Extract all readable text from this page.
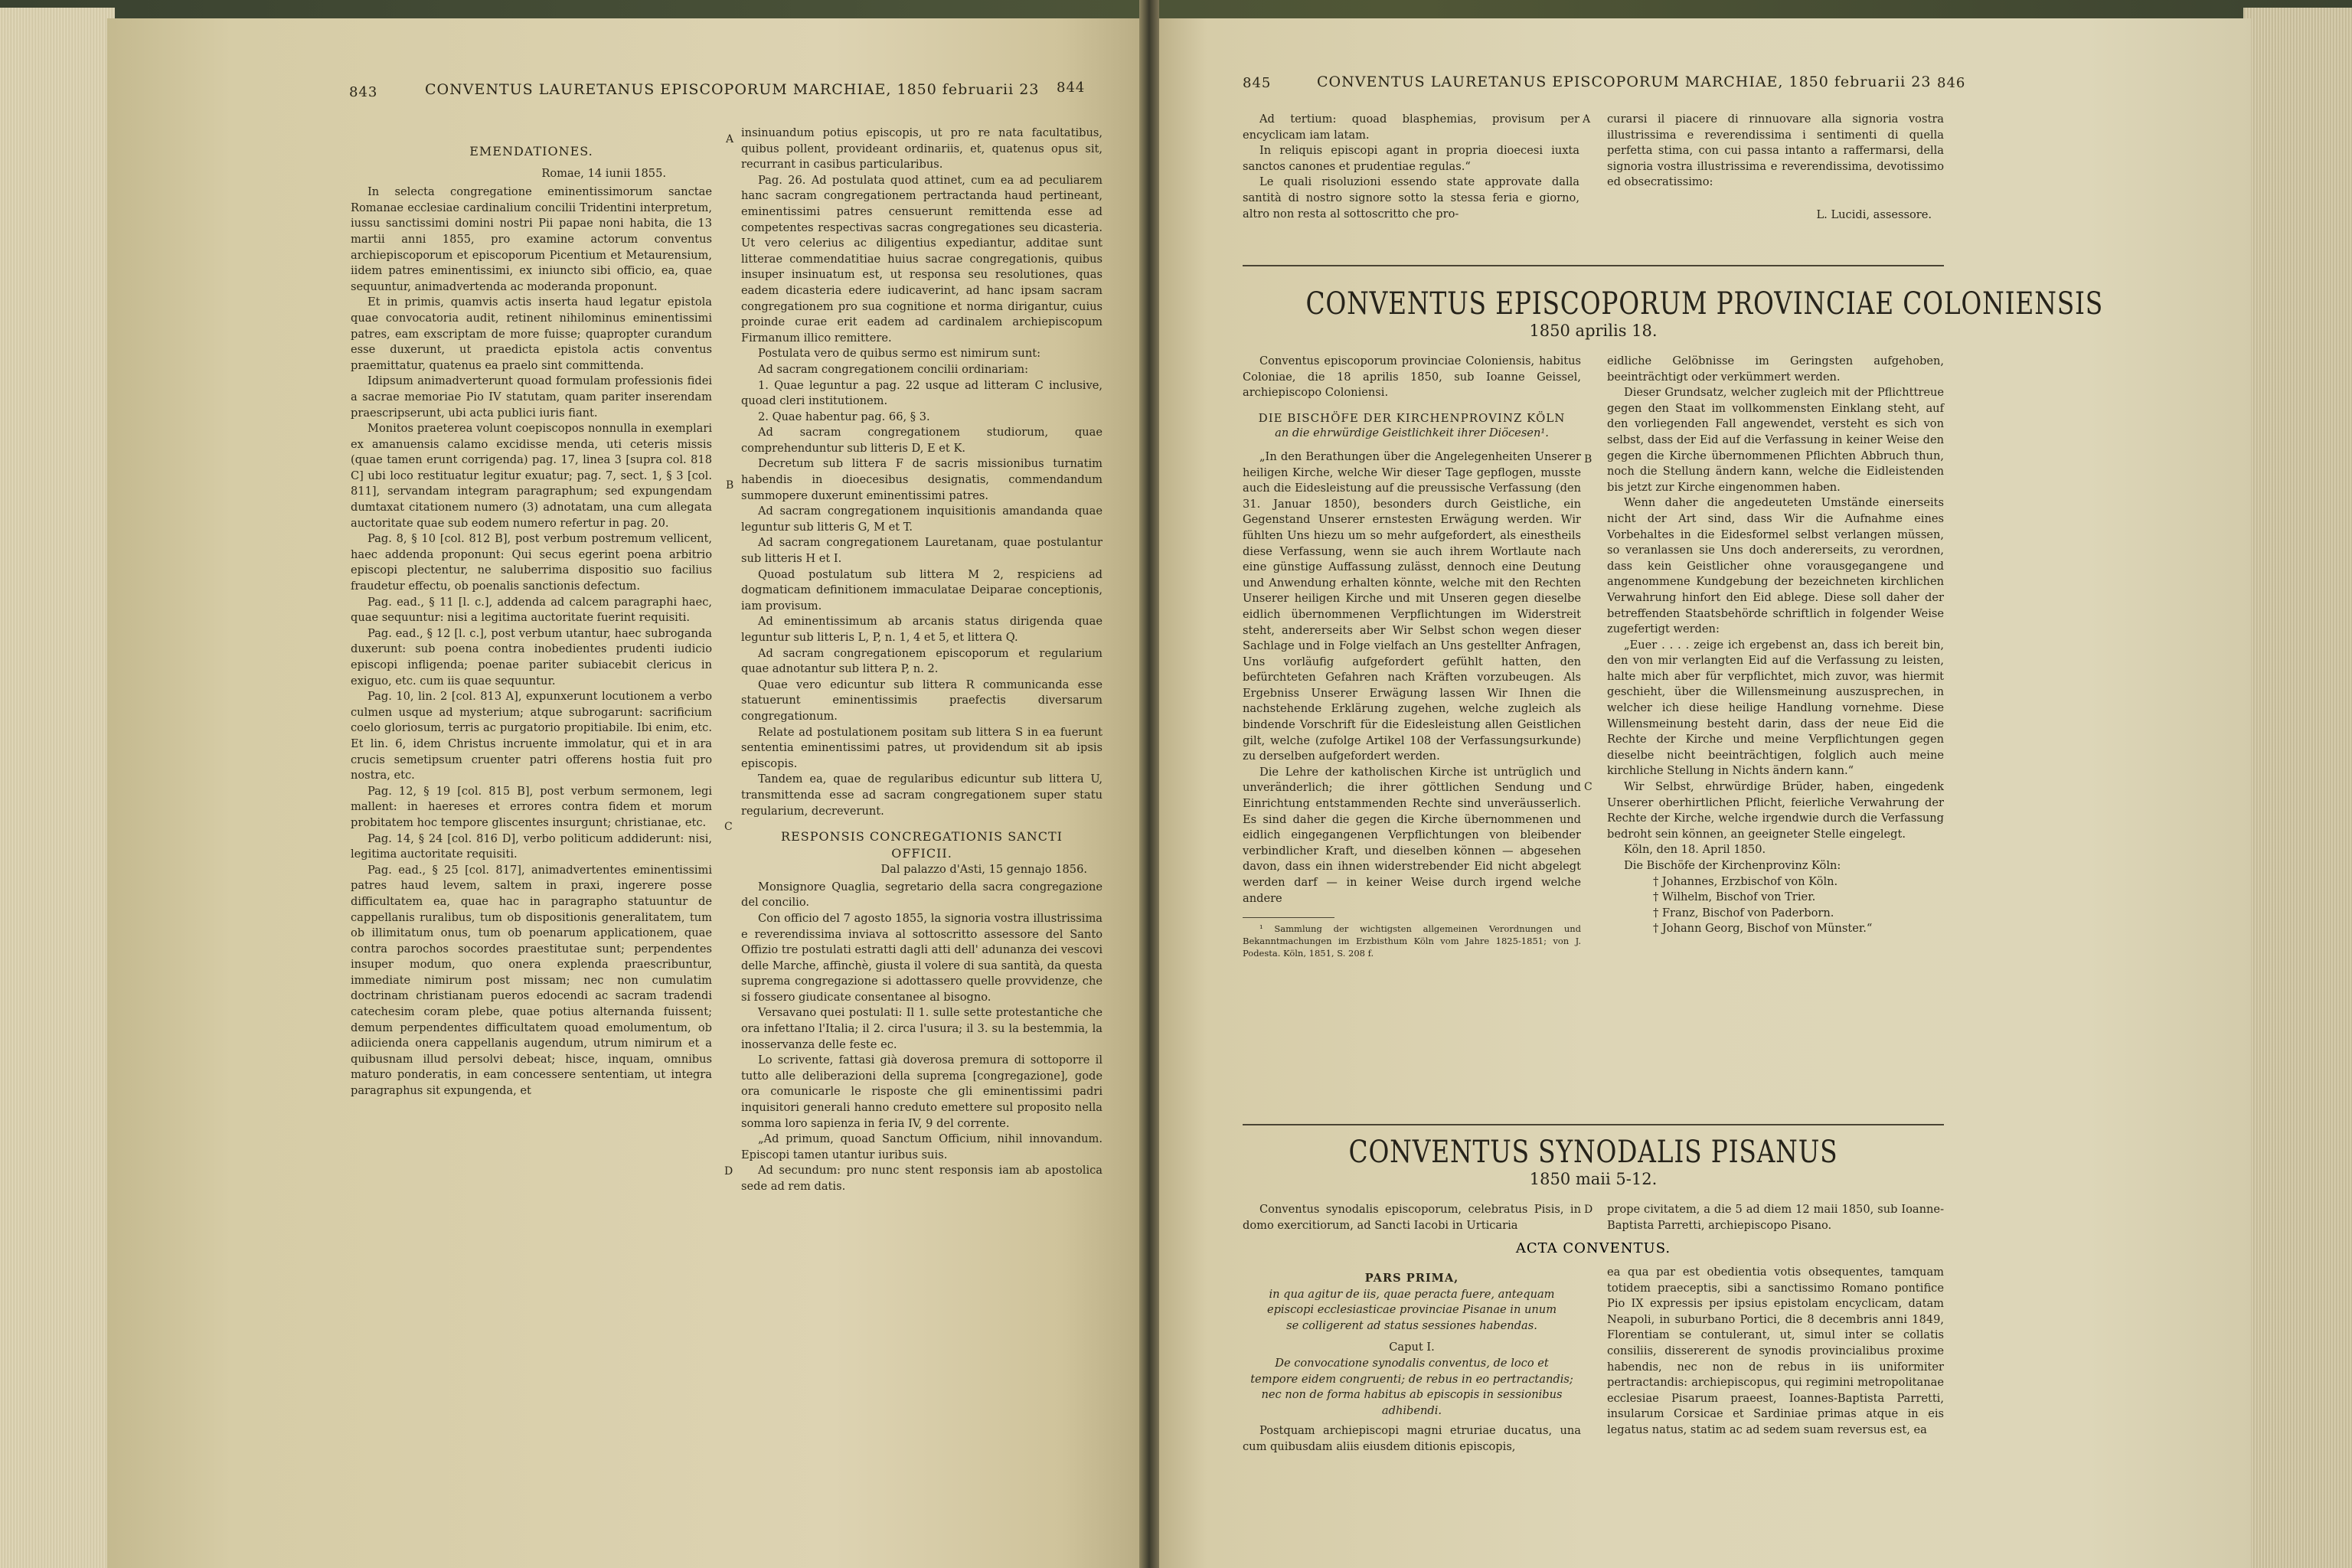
843	CONVENTUS LAURETANUS EPISCOPORUM MARCHIAE, 1850 februarii 23 844

EMENDATIONES.

Romae, 14 iunii 1855.

In selecta congregatione eminentissimorum sanctae Romanae ecclesiae cardinalium concilii Tridentini interpretum, iussu sanctissimi domini nostri Pii papae noni habita, die 13 martii anni 1855, pro examine actorum conventus archiepiscoporum et episcoporum Picentium et Metaurensium, iidem patres eminentissimi, ex iniuncto sibi officio, ea, quae sequuntur, animadvertenda ac moderanda proponunt.

Et in primis, quamvis actis inserta haud legatur epistola quae convocatoria audit, retinent nihilominus eminentissimi patres, eam exscriptam de more fuisse; quapropter curandum esse duxerunt, ut praedicta epistola actis conventus praemittatur, quatenus ea praelo sint committenda.

Idipsum animadverterunt quoad formulam professionis fidei a sacrae memoriae Pio IV statutam, quam pariter inserendam praescripserunt, ubi acta publici iuris fiant.

Monitos praeterea volunt coepiscopos nonnulla in exemplari ex amanuensis calamo excidisse menda, uti ceteris missis (quae tamen erunt corrigenda) pag. 17, linea 3 [supra col. 818 C] ubi loco restituatur legitur exuatur; pag. 7, sect. 1, § 3 [col. 811], servandam integram paragraphum; sed expungendam dumtaxat citationem numero (3) adnotatam, una cum allegata auctoritate quae sub eodem numero refertur in pag. 20.

Pag. 8, § 10 [col. 812 B], post verbum postremum vellicent, haec addenda proponunt: Qui secus egerint poena arbitrio episcopi plectentur, ne saluberrima dispositio suo facilius fraudetur effectu, ob poenalis sanctionis defectum.

Pag. ead., § 11 [l. c.], addenda ad calcem paragraphi haec, quae sequuntur: nisi a legitima auctoritate fuerint requisiti.

Pag. ead., § 12 [l. c.], post verbum utantur, haec subroganda duxerunt: sub poena contra inobedientes prudenti iudicio episcopi infligenda; poenae pariter subiacebit clericus in exiguo, etc. cum iis quae sequuntur.

Pag. 10, lin. 2 [col. 813 A], expunxerunt locutionem a verbo culmen usque ad mysterium; atque subrogarunt: sacrificium coelo gloriosum, terris ac purgatorio propitiabile. Ibi enim, etc. Et lin. 6, idem Christus incruente immolatur, qui et in ara crucis semetipsum cruenter patri offerens hostia fuit pro nostra, etc.

Pag. 12, § 19 [col. 815 B], post verbum sermonem, legi mallent: in haereses et errores contra fidem et morum probitatem hoc tempore gliscentes insurgunt; christianae, etc.

Pag. 14, § 24 [col. 816 D], verbo politicum addiderunt: nisi, legitima auctoritate requisiti.

Pag. ead., § 25 [col. 817], animadvertentes eminentissimi patres haud levem, saltem in praxi, ingerere posse difficultatem ea, quae hac in paragrapho statuuntur de cappellanis ruralibus, tum ob dispositionis generalitatem, tum ob illimitatum onus, tum ob poenarum applicationem, quae contra parochos socordes praestitutae sunt; perpendentes insuper modum, quo onera explenda praescribuntur, immediate nimirum post missam; nec non cumulatim doctrinam christianam pueros edocendi ac sacram tradendi catechesim coram plebe, quae potius alternanda fuissent; demum perpendentes difficultatem quoad emolumentum, ob adiicienda onera cappellanis augendum, utrum nimirum et a quibusnam illud persolvi debeat; hisce, inquam, omnibus maturo ponderatis, in eam concessere sententiam, ut integra paragraphus sit expungenda, et

A
B
C
D

insinuandum potius episcopis, ut pro re nata facultatibus, quibus pollent, provideant ordinariis, et, quatenus opus sit, recurrant in casibus particularibus.

Pag. 26. Ad postulata quod attinet, cum ea ad peculiarem hanc sacram congregationem pertractanda haud pertineant, eminentissimi patres censuerunt remittenda esse ad competentes respectivas sacras congregationes seu dicasteria. Ut vero celerius ac diligentius expediantur, additae sunt litterae commendatitiae huius sacrae congregationis, quibus insuper insinuatum est, ut responsa seu resolutiones, quas eadem dicasteria edere iudicaverint, ad hanc ipsam sacram congregationem pro sua cognitione et norma dirigantur, cuius proinde curae erit eadem ad cardinalem archiepiscopum Firmanum illico remittere.

Postulata vero de quibus sermo est nimirum sunt:

Ad sacram congregationem concilii ordinariam:

1. Quae leguntur a pag. 22 usque ad litteram C inclusive, quoad cleri institutionem.

2. Quae habentur pag. 66, § 3.

Ad sacram congregationem studiorum, quae comprehenduntur sub litteris D, E et K.

Decretum sub littera F de sacris missionibus turnatim habendis in dioecesibus designatis, commendandum summopere duxerunt eminentissimi patres.

Ad sacram congregationem inquisitionis amandanda quae leguntur sub litteris G, M et T.

Ad sacram congregationem Lauretanam, quae postulantur sub litteris H et I.

Quoad postulatum sub littera M 2, respiciens ad dogmaticam definitionem immaculatae Deiparae conceptionis, iam provisum.

Ad eminentissimum ab arcanis status dirigenda quae leguntur sub litteris L, P, n. 1, 4 et 5, et littera Q.

Ad sacram congregationem episcoporum et regularium quae adnotantur sub littera P, n. 2.

Quae vero edicuntur sub littera R communicanda esse statuerunt eminentissimis praefectis diversarum congregationum.

Relate ad postulationem positam sub littera S in ea fuerunt sententia eminentissimi patres, ut providendum sit ab ipsis episcopis.

Tandem ea, quae de regularibus edicuntur sub littera U, transmittenda esse ad sacram congregationem super statu regularium, decreverunt.

RESPONSIS CONCREGATIONIS SANCTI OFFICII.

Dal palazzo d'Asti, 15 gennajo 1856.

Monsignore Quaglia, segretario della sacra congregazione del concilio.

Con officio del 7 agosto 1855, la signoria vostra illustrissima e reverendissima inviava al sottoscritto assessore del Santo Offizio tre postulati estratti dagli atti dell' adunanza dei vescovi delle Marche, affinchè, giusta il volere di sua santità, da questa suprema congregazione si adottassero quelle provvidenze, che si fossero giudicate consentanee al bisogno.

Versavano quei postulati: Il 1. sulle sette protestantiche che ora infettano l'Italia; il 2. circa l'usura; il 3. su la bestemmia, la inosservanza delle feste ec.

Lo scrivente, fattasi già doverosa premura di sottoporre il tutto alle deliberazioni della suprema [congregazione], gode ora comunicarle le risposte che gli eminentissimi padri inquisitori generali hanno creduto emettere sul proposito nella somma loro sapienza in feria IV, 9 del corrente.

„Ad primum, quoad Sanctum Officium, nihil innovandum. Episcopi tamen utantur iuribus suis.

Ad secundum: pro nunc stent responsis iam ab apostolica sede ad rem datis.

845	CONVENTUS LAURETANUS EPISCOPORUM MARCHIAE, 1850 februarii 23 846

Ad tertium: quoad blasphemias, provisum per encyclicam iam latam.

In reliquis episcopi agant in propria dioecesi iuxta sanctos canones et prudentiae regulas.“

Le quali risoluzioni essendo state approvate dalla santità di nostro signore sotto la stessa feria e giorno, altro non resta al sottoscritto che pro-

A curarsi il piacere di rinnuovare alla signoria vostra illustrissima e reverendissima i sentimenti di quella perfetta stima, con cui passa intanto a raffermarsi, della signoria vostra illustrissima e reverendissima, devotissimo ed obsecratissimo:

L. Lucidi, assessore.

CONVENTUS EPISCOPORUM PROVINCIAE COLONIENSIS
1850 aprilis 18.

Conventus episcoporum provinciae Coloniensis, habitus Coloniae, die 18 aprilis 1850, sub Ioanne Geissel, archiepiscopo Coloniensi.

DIE BISCHÖFE DER KIRCHENPROVINZ KÖLN

an die ehrwürdige Geistlichkeit ihrer Diöcesen¹.

„In den Berathungen über die Angelegenheiten Unserer heiligen Kirche, welche Wir dieser Tage gepflogen, musste auch die Eidesleistung auf die preussische Verfassung (den 31. Januar 1850), besonders durch Geistliche, ein Gegenstand Unserer ernstesten Erwägung werden. Wir fühlten Uns hiezu um so mehr aufgefordert, als einestheils diese Verfassung, wenn sie auch ihrem Wortlaute nach eine günstige Auffassung zulässt, dennoch eine Deutung und Anwendung erhalten könnte, welche mit den Rechten Unserer heiligen Kirche und mit Unseren gegen dieselbe eidlich übernommenen Verpflichtungen im Widerstreit steht, andererseits aber Wir Selbst schon wegen dieser Sachlage und in Folge vielfach an Uns gestellter Anfragen, Uns vorläufig aufgefordert gefühlt hatten, den befürchteten Gefahren nach Kräften vorzubeugen. Als Ergebniss Unserer Erwägung lassen Wir Ihnen die nachstehende Erklärung zugehen, welche zugleich als bindende Vorschrift für die Eidesleistung allen Geistlichen gilt, welche (zufolge Artikel 108 der Verfassungsurkunde) zu derselben aufgefordert werden.

Die Lehre der katholischen Kirche ist untrüglich und unveränderlich; die ihrer göttlichen Sendung und Einrichtung entstammenden Rechte sind unveräusserlich. Es sind daher die gegen die Kirche übernommenen und eidlich eingegangenen Verpflichtungen von bleibender verbindlicher Kraft, und dieselben können — abgesehen davon, dass ein ihnen widerstrebender Eid nicht abgelegt werden darf — in keiner Weise durch irgend welche andere

¹ Sammlung der wichtigsten allgemeinen Verordnungen und Bekanntmachungen im Erzbisthum Köln vom Jahre 1825-1851; von J. Podesta. Köln, 1851, S. 208 f.

B
C

eidliche Gelöbnisse im Geringsten aufgehoben, beeinträchtigt oder verkümmert werden.

Dieser Grundsatz, welcher zugleich mit der Pflichttreue gegen den Staat im vollkommensten Einklang steht, auf den vorliegenden Fall angewendet, versteht es sich von selbst, dass der Eid auf die Verfassung in keiner Weise den gegen die Kirche übernommenen Pflichten Abbruch thun, noch die Stellung ändern kann, welche die Eidleistenden bis jetzt zur Kirche eingenommen haben.

Wenn daher die angedeuteten Umstände einerseits nicht der Art sind, dass Wir die Aufnahme eines Vorbehaltes in die Eidesformel selbst verlangen müssen, so veranlassen sie Uns doch andererseits, zu verordnen, dass kein Geistlicher ohne vorausgegangene und angenommene Kundgebung der bezeichneten kirchlichen Verwahrung hinfort den Eid ablege. Diese soll daher der betreffenden Staatsbehörde schriftlich in folgender Weise zugefertigt werden:

„Euer . . . . zeige ich ergebenst an, dass ich bereit bin, den von mir verlangten Eid auf die Verfassung zu leisten, halte mich aber für verpflichtet, mich zuvor, was hiermit geschieht, über die Willensmeinung auszusprechen, in welcher ich diese heilige Handlung vornehme. Diese Willensmeinung besteht darin, dass der neue Eid die Rechte der Kirche und meine Verpflichtungen gegen dieselbe nicht beeinträchtigen, folglich auch meine kirchliche Stellung in Nichts ändern kann.“

Wir Selbst, ehrwürdige Brüder, haben, eingedenk Unserer oberhirtlichen Pflicht, feierliche Verwahrung der Rechte der Kirche, welche irgendwie durch die Verfassung bedroht sein können, an geeigneter Stelle eingelegt.

Köln, den 18. April 1850.

Die Bischöfe der Kirchenprovinz Köln:

† Johannes, Erzbischof von Köln.

† Wilhelm, Bischof von Trier.

† Franz, Bischof von Paderborn.

† Johann Georg, Bischof von Münster.“

CONVENTUS SYNODALIS PISANUS
1850 maii 5-12.

Conventus synodalis episcoporum, celebratus Pisis, in domo exercitiorum, ad Sancti Iacobi in Urticaria

D prope civitatem, a die 5 ad diem 12 maii 1850, sub Ioanne-Baptista Parretti, archiepiscopo Pisano.

ACTA CONVENTUS.

PARS PRIMA,

in qua agitur de iis, quae peracta fuere, antequam episcopi ecclesiasticae provinciae Pisanae in unum se colligerent ad status sessiones habendas.

Caput I.

De convocatione synodalis conventus, de loco et tempore eidem congruenti; de rebus in eo pertractandis; nec non de forma habitus ab episcopis in sessionibus adhibendi.

Postquam archiepiscopi magni etruriae ducatus, una cum quibusdam aliis eiusdem ditionis episcopis,

ea qua par est obedientia votis obsequentes, tamquam totidem praeceptis, sibi a sanctissimo Romano pontifice Pio IX expressis per ipsius epistolam encyclicam, datam Neapoli, in suburbano Portici, die 8 decembris anni 1849, Florentiam se contulerant, ut, simul inter se collatis consiliis, dissererent de synodis provincialibus proxime habendis, nec non de rebus in iis uniformiter pertractandis: archiepiscopus, qui regimini metropolitanae ecclesiae Pisarum praeest, Ioannes-Baptista Parretti, insularum Corsicae et Sardiniae primas atque in eis legatus natus, statim ac ad sedem suam reversus est, ea
